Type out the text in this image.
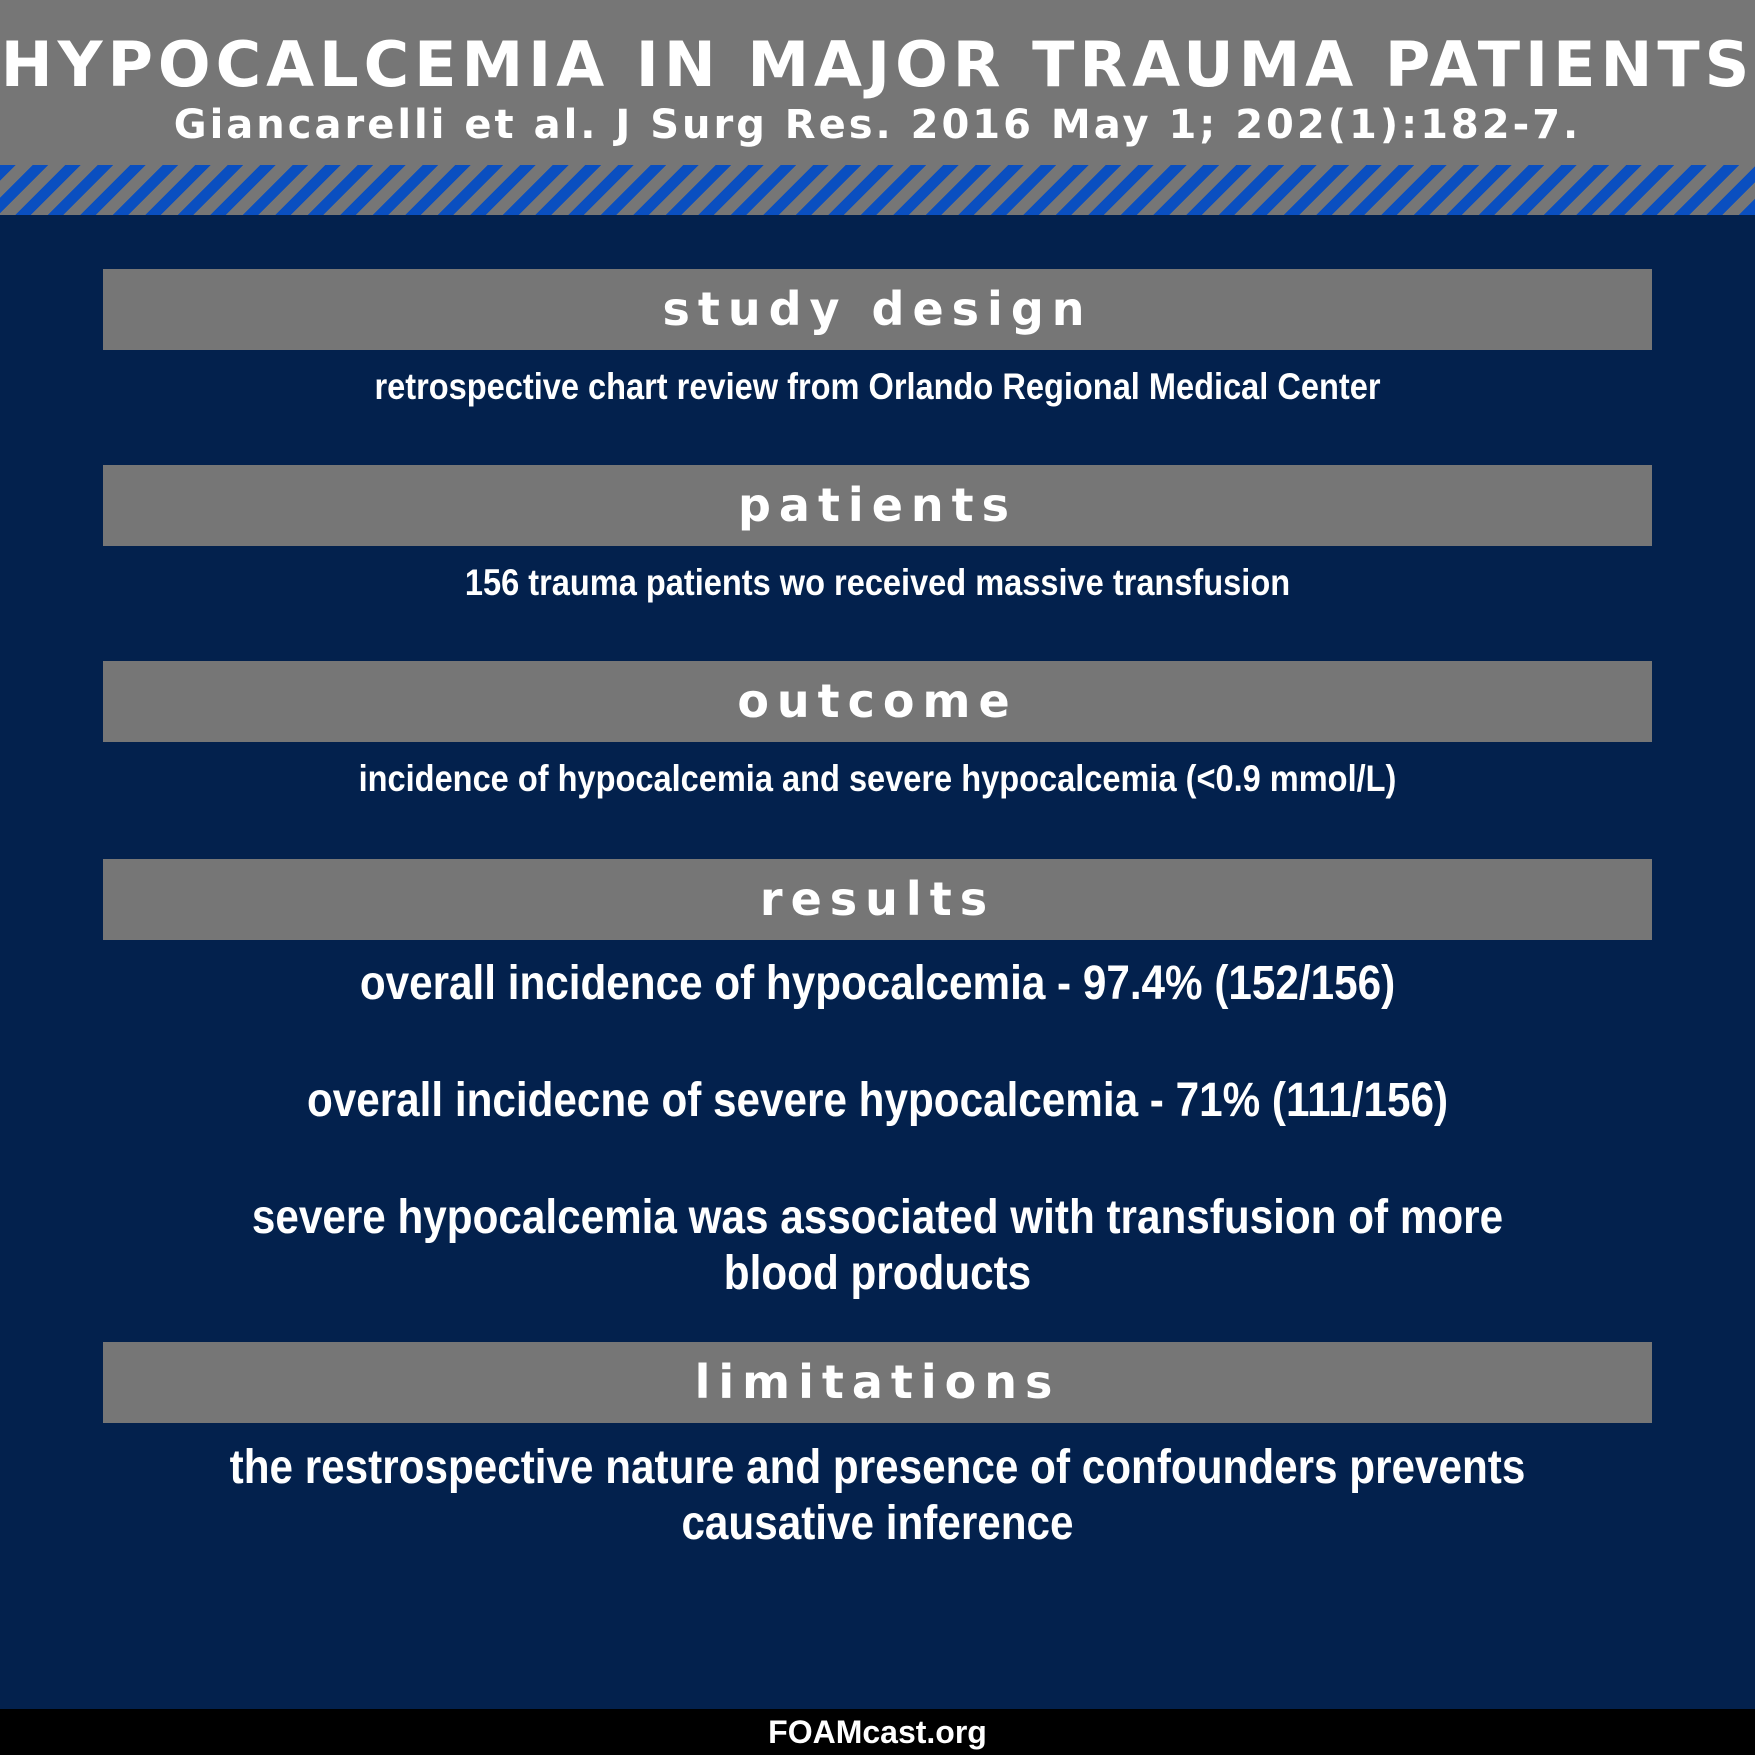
HYPOCALCEMIA IN MAJOR TRAUMA PATIENTS
Giancarelli et al. J Surg Res. 2016 May 1; 202(1):182-7.
study design
retrospective chart review from Orlando Regional Medical Center
patients
156 trauma patients wo received massive transfusion
outcome
incidence of hypocalcemia and severe hypocalcemia (<0.9 mmol/L)
results
overall incidence of hypocalcemia - 97.4% (152/156)
overall incidecne of severe hypocalcemia - 71% (111/156)
severe hypocalcemia was associated with transfusion of more blood products
limitations
the restrospective nature and presence of confounders prevents causative inference
FOAMcast.org
